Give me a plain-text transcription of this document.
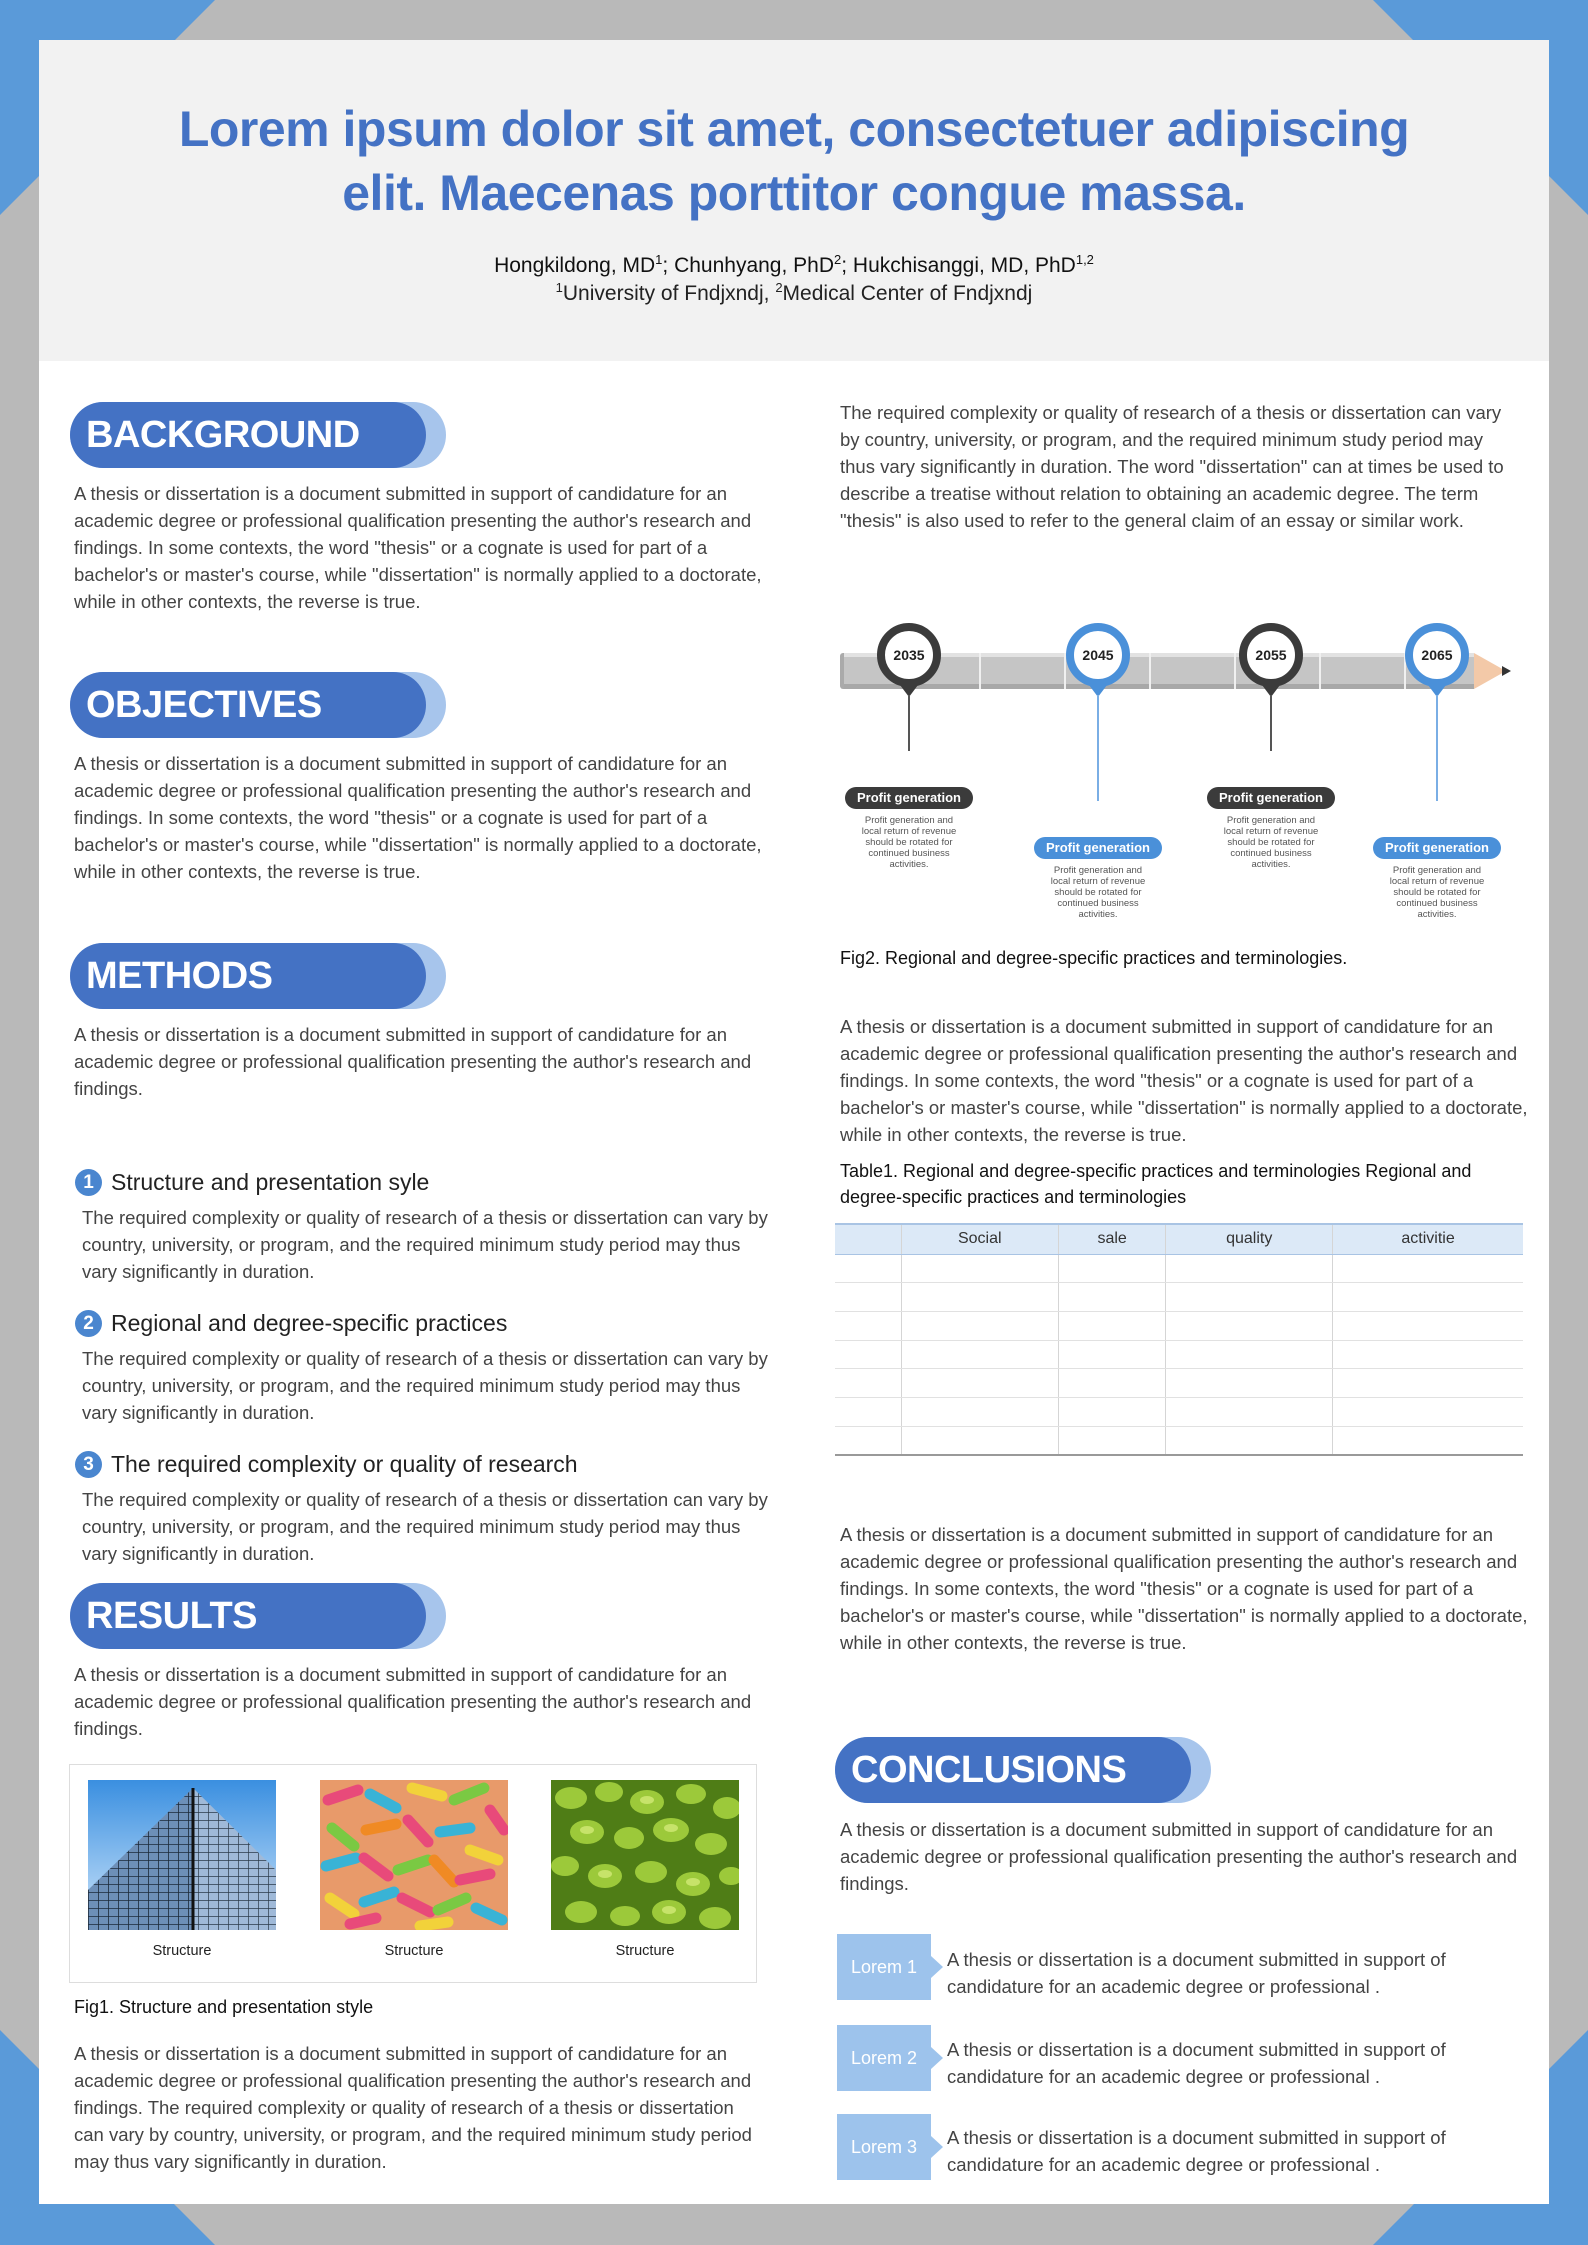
Lorem ipsum dolor sit amet, consectetuer adipiscing
elit. Maecenas porttitor congue massa.
Hongkildong, $MD^1$; Chunhyang, PhD$^2$; Hukchisanggi, MD, PhD$^{1,2}$
$^1$University of Fndjxndj, $^2$Medical Center of Fndjxndj
BACKGROUND
A thesis or dissertation is a document submitted in support of candidature for an academic degree or professional qualification presenting the author's research and findings. In some contexts, the word "thesis" or a cognate is used for part of a bachelor's or master's course, while "dissertation" is normally applied to a doctorate, while in other contexts, the reverse is true.
OBJECTIVES
A thesis or dissertation is a document submitted in support of candidature for an academic degree or professional qualification presenting the author's research and findings. In some contexts, the word "thesis" or a cognate is used for part of a bachelor's or master's course, while "dissertation" is normally applied to a doctorate, while in other contexts, the reverse is true.
METHODS
A thesis or dissertation is a document submitted in support of candidature for an academic degree or professional qualification presenting the author's research and findings.
1 Structure and presentation syle
The required complexity or quality of research of a thesis or dissertation can vary by country, university, or program, and the required minimum study period may thus vary significantly in duration.
2 Regional and degree-specific practices
The required complexity or quality of research of a thesis or dissertation can vary by country, university, or program, and the required minimum study period may thus vary significantly in duration.
3 The required complexity or quality of research
The required complexity or quality of research of a thesis or dissertation can vary by country, university, or program, and the required minimum study period may thus vary significantly in duration.
RESULTS
A thesis or dissertation is a document submitted in support of candidature for an academic degree or professional qualification presenting the author's research and findings.
Structure	Structure	Structure
Fig1. Structure and presentation style
A thesis or dissertation is a document submitted in support of candidature for an academic degree or professional qualification presenting the author's research and findings. The required complexity or quality of research of a thesis or dissertation can vary by country, university, or program, and the required minimum study period may thus vary significantly in duration.
The required complexity or quality of research of a thesis or dissertation can vary by country, university, or program, and the required minimum study period may thus vary significantly in duration. The word "dissertation" can at times be used to describe a treatise without relation to obtaining an academic degree. The term "thesis" is also used to refer to the general claim of an essay or similar work.
2035
Profit generation
Profit generation and local return of revenue should be rotated for continued business activities.
2045
Profit generation
Profit generation and local return of revenue should be rotated for continued business activities.
2055
Profit generation
Profit generation and local return of revenue should be rotated for continued business activities.
2065
Profit generation
Profit generation and local return of revenue should be rotated for continued business activities.
Fig2. Regional and degree-specific practices and terminologies.
A thesis or dissertation is a document submitted in support of candidature for an academic degree or professional qualification presenting the author's research and findings. In some contexts, the word "thesis" or a cognate is used for part of a bachelor's or master's course, while "dissertation" is normally applied to a doctorate, while in other contexts, the reverse is true.
Table1. Regional and degree-specific practices and terminologies Regional and degree-specific practices and terminologies
	Social	sale	quality	activitie

A thesis or dissertation is a document submitted in support of candidature for an academic degree or professional qualification presenting the author's research and findings. In some contexts, the word "thesis" or a cognate is used for part of a bachelor's or master's course, while "dissertation" is normally applied to a doctorate, while in other contexts, the reverse is true.
CONCLUSIONS
A thesis or dissertation is a document submitted in support of candidature for an academic degree or professional qualification presenting the author's research and findings.
Lorem 1	A thesis or dissertation is a document submitted in support of candidature for an academic degree or professional .
Lorem 2	A thesis or dissertation is a document submitted in support of candidature for an academic degree or professional .
Lorem 3	A thesis or dissertation is a document submitted in support of candidature for an academic degree or professional .
